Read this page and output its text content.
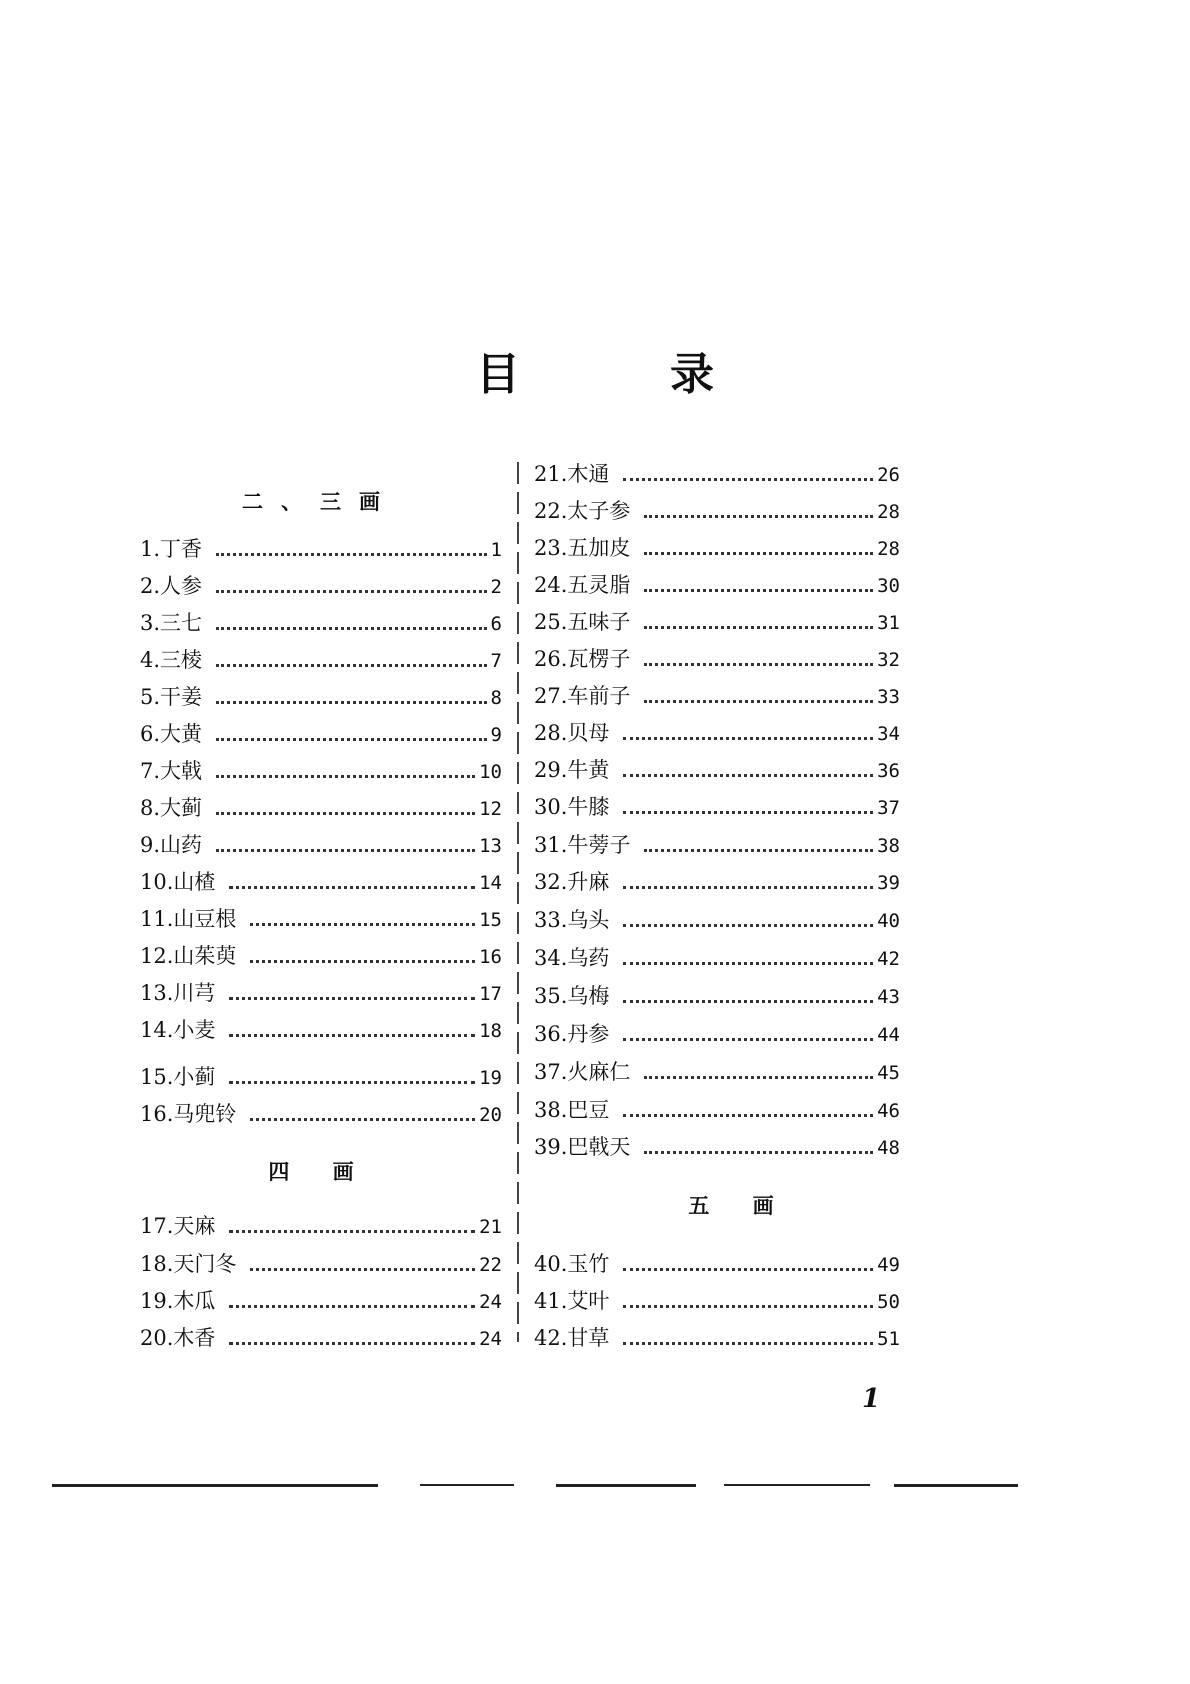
目	录
二、三画
1. 丁香	1
2. 人参	2
3. 三七	6
4. 三棱	7
5. 干姜	8
6. 大黄	9
7. 大戟	10
8. 大蓟	12
9. 山药	13
10. 山楂	14
11. 山豆根	15
12. 山茱萸	16
13. 川芎	17
14. 小麦	18
15. 小蓟	19
16. 马兜铃	20
四 画
17. 天麻	21
18. 天门冬	22
19. 木瓜	24
20. 木香	24
21. 木通	26
22. 太子参	28
23. 五加皮	28
24. 五灵脂	30
25. 五味子	31
26. 瓦楞子	32
27. 车前子	33
28. 贝母	34
29. 牛黄	36
30. 牛膝	37
31. 牛蒡子	38
32. 升麻	39
33. 乌头	40
34. 乌药	42
35. 乌梅	43
36. 丹参	44
37. 火麻仁	45
38. 巴豆	46
39. 巴戟天	48
五 画
40. 玉竹	49
41. 艾叶	50
42. 甘草	51
1
